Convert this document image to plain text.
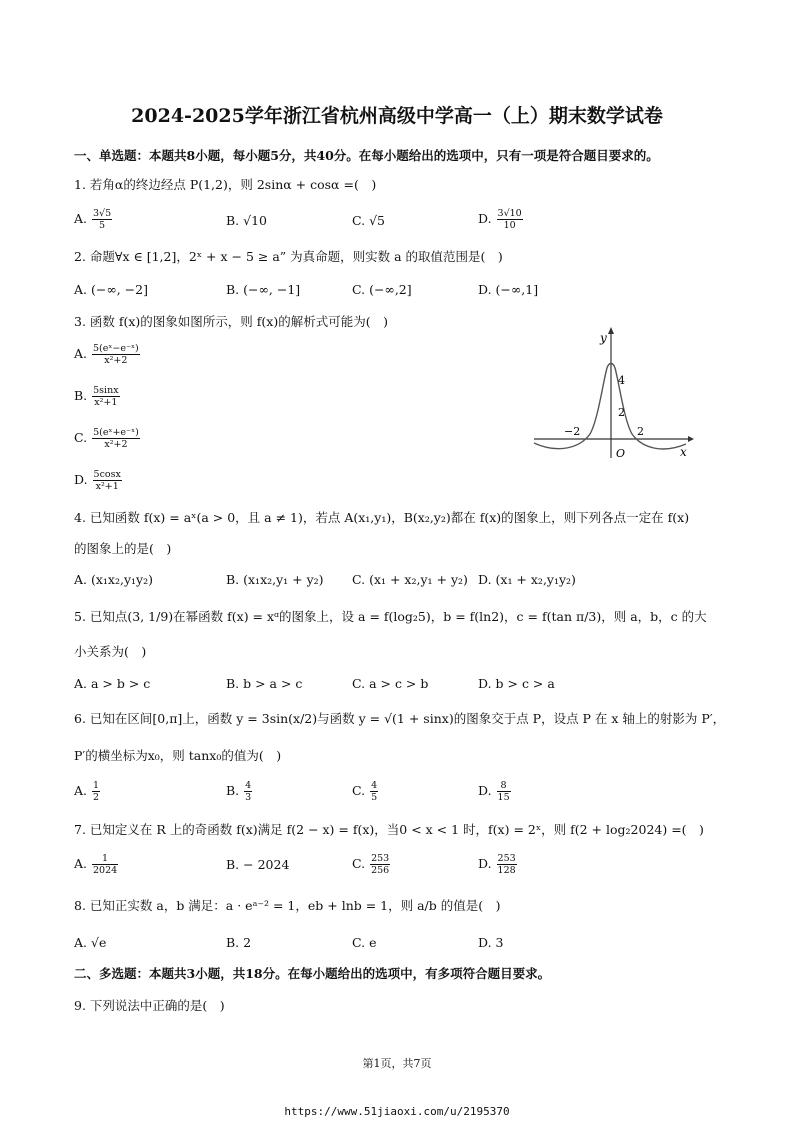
2024-2025学年浙江省杭州高级中学高一（上）期末数学试卷
一、单选题：本题共8小题，每小题5分，共40分。在每小题给出的选项中，只有一项是符合题目要求的。
1. 若角α的终边经点 P(1,2)，则 2sinα + cosα =(　)
A. $\frac{3√5}{5}$	B. √10	C. √5	D. $\frac{3√10}{10}$
2. 命题∀x ∈ [1,2]，2ˣ + x − 5 ≥ a” 为真命题，则实数 a 的取值范围是(　)
A. (−∞, −2]	B. (−∞, −1]	C. (−∞,2]	D. (−∞,1]
3. 函数 f(x)的图象如图所示，则 f(x)的解析式可能为(　)
A. $\frac{\text{5(eˣ−e⁻ˣ)}}{\text{x²+2}}$
B. $\frac{5\sin x}{\text{x²+1}}$
C. $\frac{\text{5(eˣ+e⁻ˣ)}}{\text{x²+2}}$
D. $\frac{5\cos x}{\text{x²+1}}$
y
x
O
4
2
−2	2
4. 已知函数 f(x) = aˣ(a > 0，且 a ≠ 1)，若点 A(x₁,y₁)，B(x₂,y₂)都在 f(x)的图象上，则下列各点一定在 f(x)
的图象上的是(　)
A. (x₁x₂,y₁y₂)	B. (x₁x₂,y₁ + y₂) C. (x₁ + x₂,y₁ + y₂) D. (x₁ + x₂,y₁y₂)
5. 已知点(3, 1/9)在幂函数 f(x) = xᵅ的图象上，设 a = f(log₂5)，b = f(ln2)，c = f(tan π/3)，则 a，b，c 的大
小关系为(　)
A. a > b > c	B. b > a > c	C. a > c > b	D. b > c > a
6. 已知在区间[0,π]上，函数 y = 3sin(x/2)与函数 y = √(1 + sinx)的图象交于点 P，设点 P 在 x 轴上的射影为 P′，
P′的横坐标为x₀，则 tanx₀的值为(　)
A. $\frac{1}{2}$	B. $\frac{4}{3}$	C. $\frac{4}{5}$	D. $\frac{8}{15}$
7. 已知定义在 R 上的奇函数 f(x)满足 f(2 − x) = f(x)，当0 < x < 1 时，f(x) = 2ˣ，则 f(2 + log₂2024) =(　)
A. $\frac{1}{2024}$	B. − 2024	C. $\frac{253}{256}$	D. $\frac{253}{128}$
8. 已知正实数 a，b 满足：a · eᵃ⁻² = 1，eb + lnb = 1，则 a/b 的值是(　)
A. √e	B. 2	C. e	D. 3
二、多选题：本题共3小题，共18分。在每小题给出的选项中，有多项符合题目要求。
9. 下列说法中正确的是(　)
第1页，共7页
https://www.51jiaoxi.com/u/2195370
